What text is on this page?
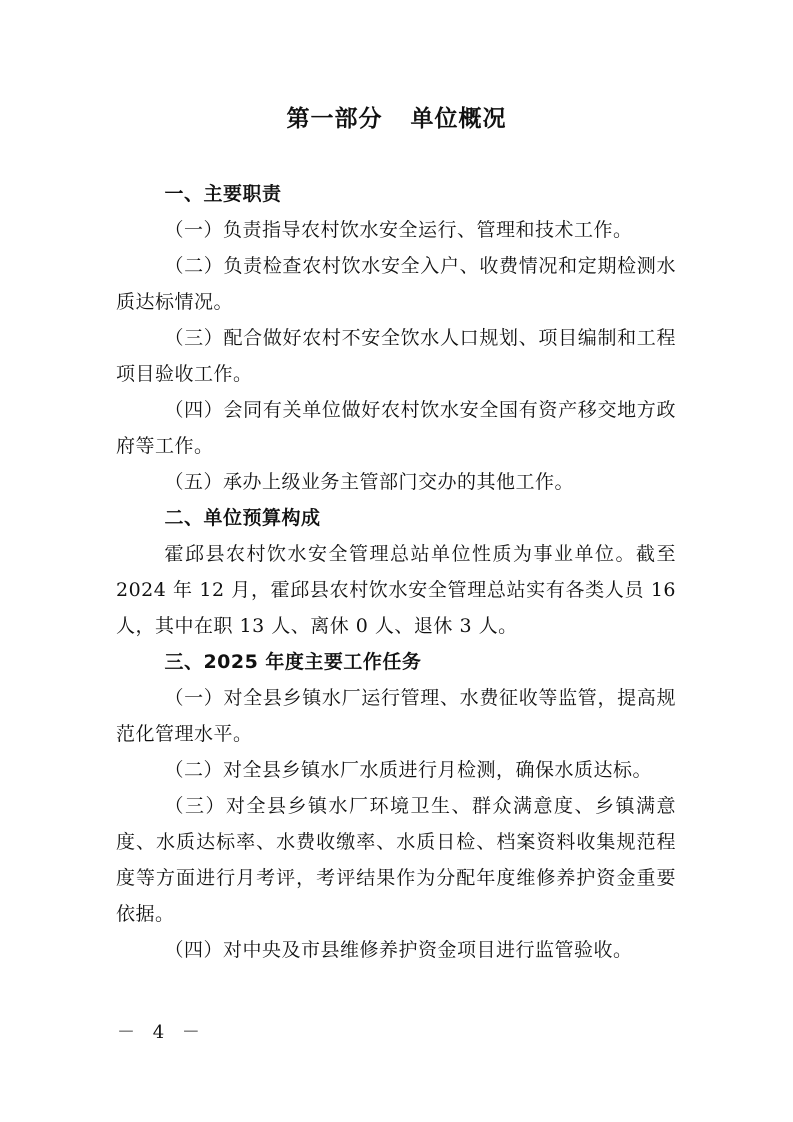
第一部分 单位概况

一、主要职责

（一）负责指导农村饮水安全运行、管理和技术工作。

（二）负责检查农村饮水安全入户、收费情况和定期检测水质达标情况。

（三）配合做好农村不安全饮水人口规划、项目编制和工程项目验收工作。

（四）会同有关单位做好农村饮水安全国有资产移交地方政府等工作。

（五）承办上级业务主管部门交办的其他工作。

二、单位预算构成

霍邱县农村饮水安全管理总站单位性质为事业单位。截至 2024 年 12 月，霍邱县农村饮水安全管理总站实有各类人员 16 人，其中在职 13 人、离休 0 人、退休 3 人。

三、2025 年度主要工作任务

（一）对全县乡镇水厂运行管理、水费征收等监管，提高规范化管理水平。

（二）对全县乡镇水厂水质进行月检测，确保水质达标。

（三）对全县乡镇水厂环境卫生、群众满意度、乡镇满意度、水质达标率、水费收缴率、水质日检、档案资料收集规范程度等方面进行月考评，考评结果作为分配年度维修养护资金重要依据。

（四）对中央及市县维修养护资金项目进行监管验收。

－ 4 －
